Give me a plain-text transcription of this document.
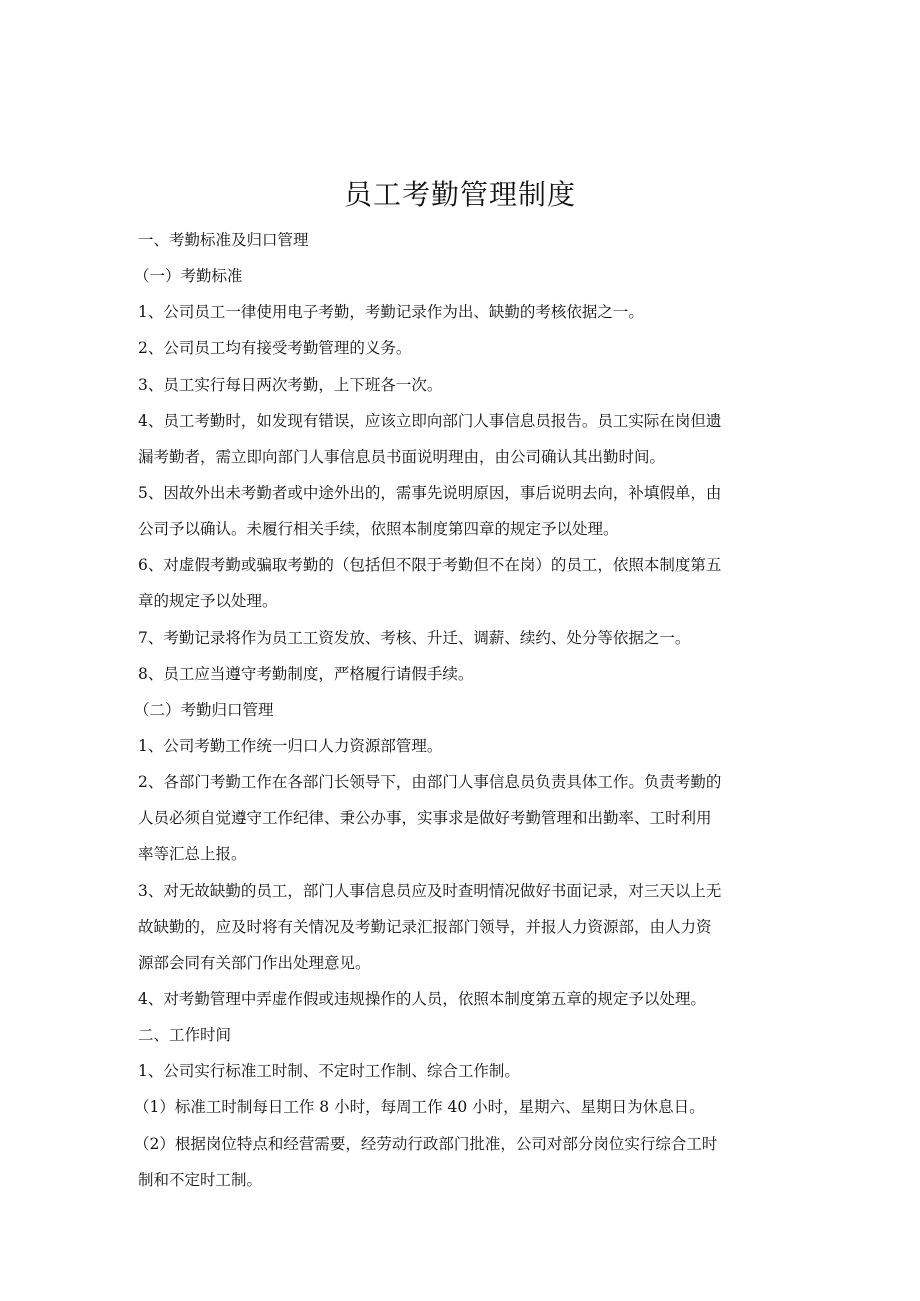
员工考勤管理制度
一、考勤标准及归口管理
（一）考勤标准
1、公司员工一律使用电子考勤，考勤记录作为出、缺勤的考核依据之一。
2、公司员工均有接受考勤管理的义务。
3、员工实行每日两次考勤，上下班各一次。
4、员工考勤时，如发现有错误，应该立即向部门人事信息员报告。员工实际在岗但遗
漏考勤者，需立即向部门人事信息员书面说明理由，由公司确认其出勤时间。
5、因故外出未考勤者或中途外出的，需事先说明原因，事后说明去向，补填假单，由
公司予以确认。未履行相关手续，依照本制度第四章的规定予以处理。
6、对虚假考勤或骗取考勤的（包括但不限于考勤但不在岗）的员工，依照本制度第五
章的规定予以处理。
7、考勤记录将作为员工工资发放、考核、升迁、调薪、续约、处分等依据之一。
8、员工应当遵守考勤制度，严格履行请假手续。
（二）考勤归口管理
1、公司考勤工作统一归口人力资源部管理。
2、各部门考勤工作在各部门长领导下，由部门人事信息员负责具体工作。负责考勤的
人员必须自觉遵守工作纪律、秉公办事，实事求是做好考勤管理和出勤率、工时利用
率等汇总上报。
3、对无故缺勤的员工，部门人事信息员应及时查明情况做好书面记录，对三天以上无
故缺勤的，应及时将有关情况及考勤记录汇报部门领导，并报人力资源部，由人力资
源部会同有关部门作出处理意见。
4、对考勤管理中弄虚作假或违规操作的人员，依照本制度第五章的规定予以处理。
二、工作时间
1、公司实行标准工时制、不定时工作制、综合工作制。
（1）标准工时制每日工作 8 小时，每周工作 40 小时，星期六、星期日为休息日。
（2）根据岗位特点和经营需要，经劳动行政部门批准，公司对部分岗位实行综合工时
制和不定时工制。
